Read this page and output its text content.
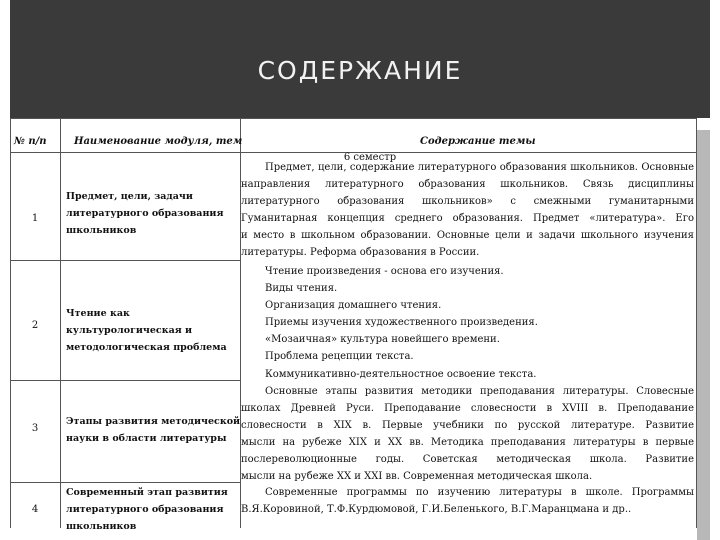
СОДЕРЖАНИЕ
№ п/п	Наименование модуля, тем	Содержание темы
6 семестр
1
Предмет, цели, задачи литературного образования школьников
Предмет, цели, содержание литературного образования школьников. Основные
направления литературного образования школьников. Связь дисциплины
литературного образования школьников» с смежными гуманитарными
Гуманитарная концепция среднего образования. Предмет «литература». Его
и место в школьном образовании. Основные цели и задачи школьного изучения
литературы. Реформа образования в России.
2
Чтение как культурологическая и методологическая проблема
Чтение произведения - основа его изучения.
Виды чтения.
Организация домашнего чтения.
Приемы изучения художественного произведения.
«Мозаичная» культура новейшего времени.
Проблема рецепции текста.
Коммуникативно-деятельностное освоение текста.
3
Этапы развития методической науки в области литературы
Основные этапы развития методики преподавания литературы. Словесные
школах Древней Руси. Преподавание словесности в XVIII в. Преподавание
словесности в XIX в. Первые учебники по русской литературе. Развитие
мысли на рубеже XIX и XX вв. Методика преподавания литературы в первые
послереволюционные годы. Советская методическая школа. Развитие
мысли на рубеже XX и XXI вв. Современная методическая школа.
4
Современный этап развития литературного образования школьников
Современные программы по изучению литературы в школе. Программы
В.Я.Коровиной, Т.Ф.Курдюмовой, Г.И.Беленького, В.Г.Маранцмана и др..
